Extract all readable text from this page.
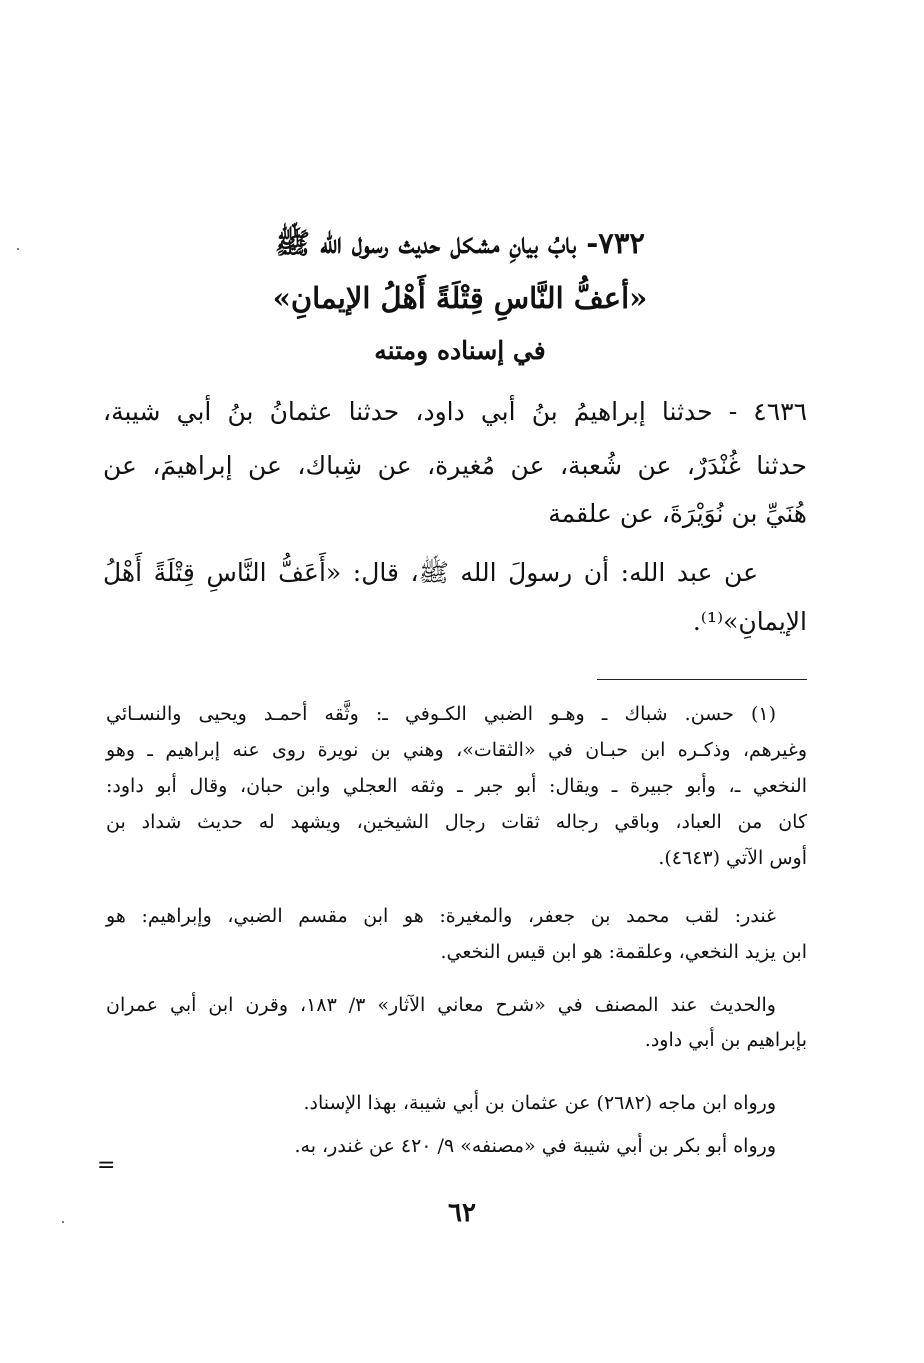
٧٣٢- بابُ بيانِ مشكل حديث رسول الله ﷺ
«أعفُّ النَّاسِ قِتْلَةً أَهْلُ الإيمانِ»
في إسناده ومتنه
٤٦٣٦ - حدثنا إبراهيمُ بنُ أبي داود، حدثنا عثمانُ بنُ أبي شيبة،
حدثنا غُنْدَرٌ، عن شُعبة، عن مُغيرة، عن شِباك، عن إبراهيمَ، عن
هُنَيِّ بن نُوَيْرَةَ، عن علقمة
عن عبد الله: أن رسولَ الله ﷺ، قال: «أَعَفُّ النَّاسِ قِتْلَةً أَهْلُ
الإيمانِ»⁽¹⁾.
(١) حسن. شباك ـ وهـو الضبي الكـوفي ـ: وثَّقه أحمـد ويحيى والنسـائي
وغيرهم، وذكـره ابن حبـان في «الثقات»، وهني بن نويرة روى عنه إبراهيم ـ وهو
النخعي ـ، وأبو جبيرة ـ ويقال: أبو جبر ـ وثقه العجلي وابن حبان، وقال أبو داود:
كان من العباد، وباقي رجاله ثقات رجال الشيخين، ويشهد له حديث شداد بن
أوس الآتي (٤٦٤٣).
غندر: لقب محمد بن جعفر، والمغيرة: هو ابن مقسم الضبي، وإبراهيم: هو
ابن يزيد النخعي، وعلقمة: هو ابن قيس النخعي.
والحديث عند المصنف في «شرح معاني الآثار» ٣/ ١٨٣، وقرن ابن أبي عمران
بإبراهيم بن أبي داود.
ورواه ابن ماجه (٢٦٨٢) عن عثمان بن أبي شيبة، بهذا الإسناد.
ورواه أبو بكر بن أبي شيبة في «مصنفه» ٩/ ٤٢٠ عن غندر، به.
=
٦٢
